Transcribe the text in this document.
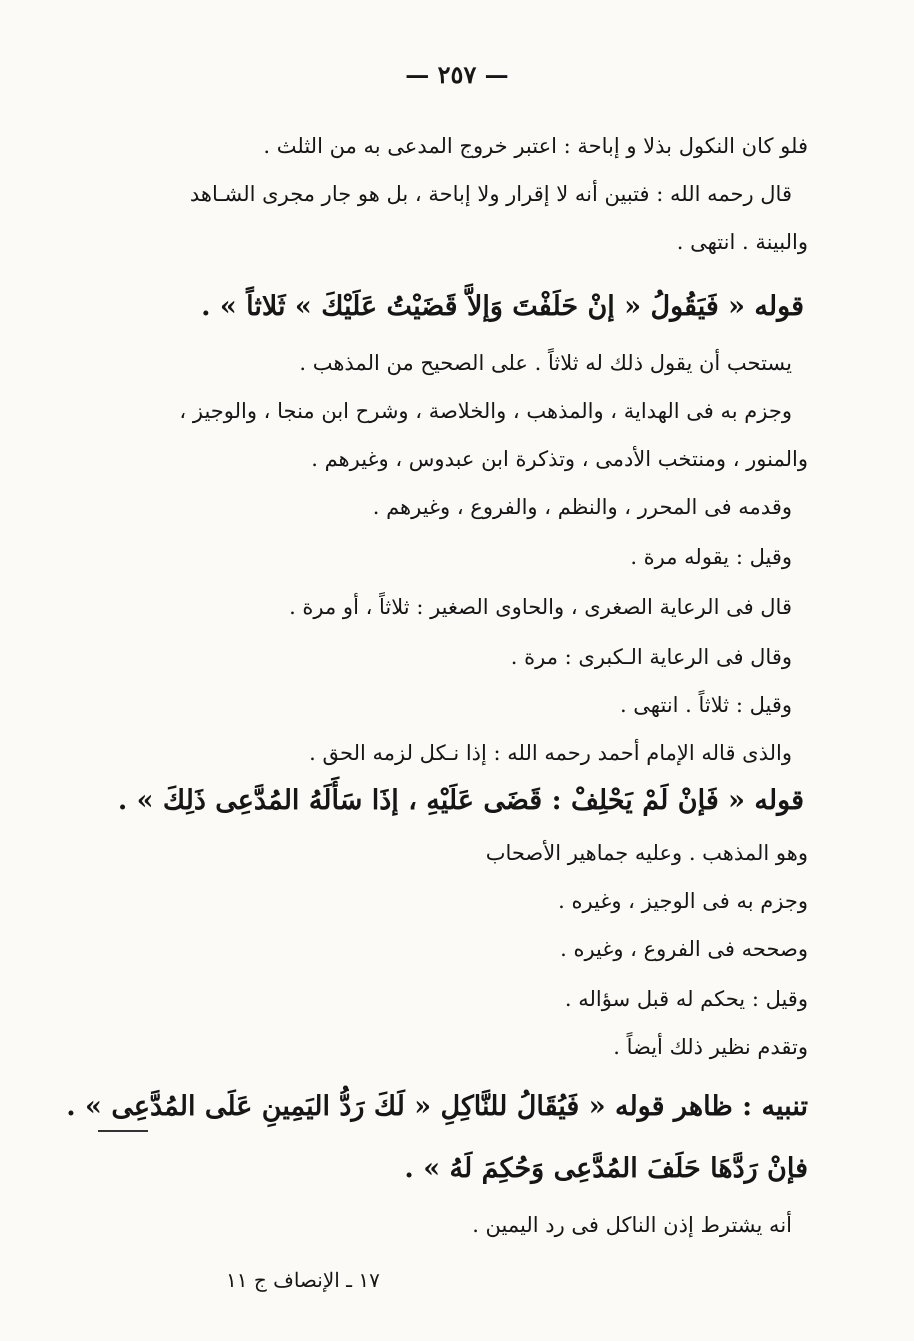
— ٢٥٧ —
فلو كان النكول بذلا و إباحة : اعتبر خروج المدعى به من الثلث .
قال رحمه الله : فتبين أنه لا إقرار ولا إباحة ، بل هو جار مجرى الشـاهد
والبينة . انتهى .
قوله « فَيَقُولُ « إنْ حَلَفْتَ وَإلاَّ قَضَيْتُ عَلَيْكَ » ثَلاثاً » .
يستحب أن يقول ذلك له ثلاثاً . على الصحيح من المذهب .
وجزم به فى الهداية ، والمذهب ، والخلاصة ، وشرح ابن منجا ، والوجيز ،
والمنور ، ومنتخب الأدمى ، وتذكرة ابن عبدوس ، وغيرهم .
وقدمه فى المحرر ، والنظم ، والفروع ، وغيرهم .
وقيل : يقوله مرة .
قال فى الرعاية الصغرى ، والحاوى الصغير : ثلاثاً ، أو مرة .
وقال فى الرعاية الـكبرى : مرة .
وقيل : ثلاثاً . انتهى .
والذى قاله الإمام أحمد رحمه الله : إذا نـكل لزمه الحق .
قوله « فَإنْ لَمْ يَحْلِفْ : قَضَى عَلَيْهِ ، إذَا سَأَلَهُ المُدَّعِى ذَلِكَ » .
وهو المذهب . وعليه جماهير الأصحاب
وجزم به فى الوجيز ، وغيره .
وصححه فى الفروع ، وغيره .
وقيل : يحكم له قبل سؤاله .
وتقدم نظير ذلك أيضاً .
تنبيه : ظاهر قوله « فَيُقَالُ للنَّاكِلِ « لَكَ رَدُّ اليَمِينِ عَلَى المُدَّعِى » .
فإنْ رَدَّهَا حَلَفَ المُدَّعِى وَحُكِمَ لَهُ » .
أنه يشترط إذن الناكل فى رد اليمين .
١٧ ـ الإنصاف ج ١١
